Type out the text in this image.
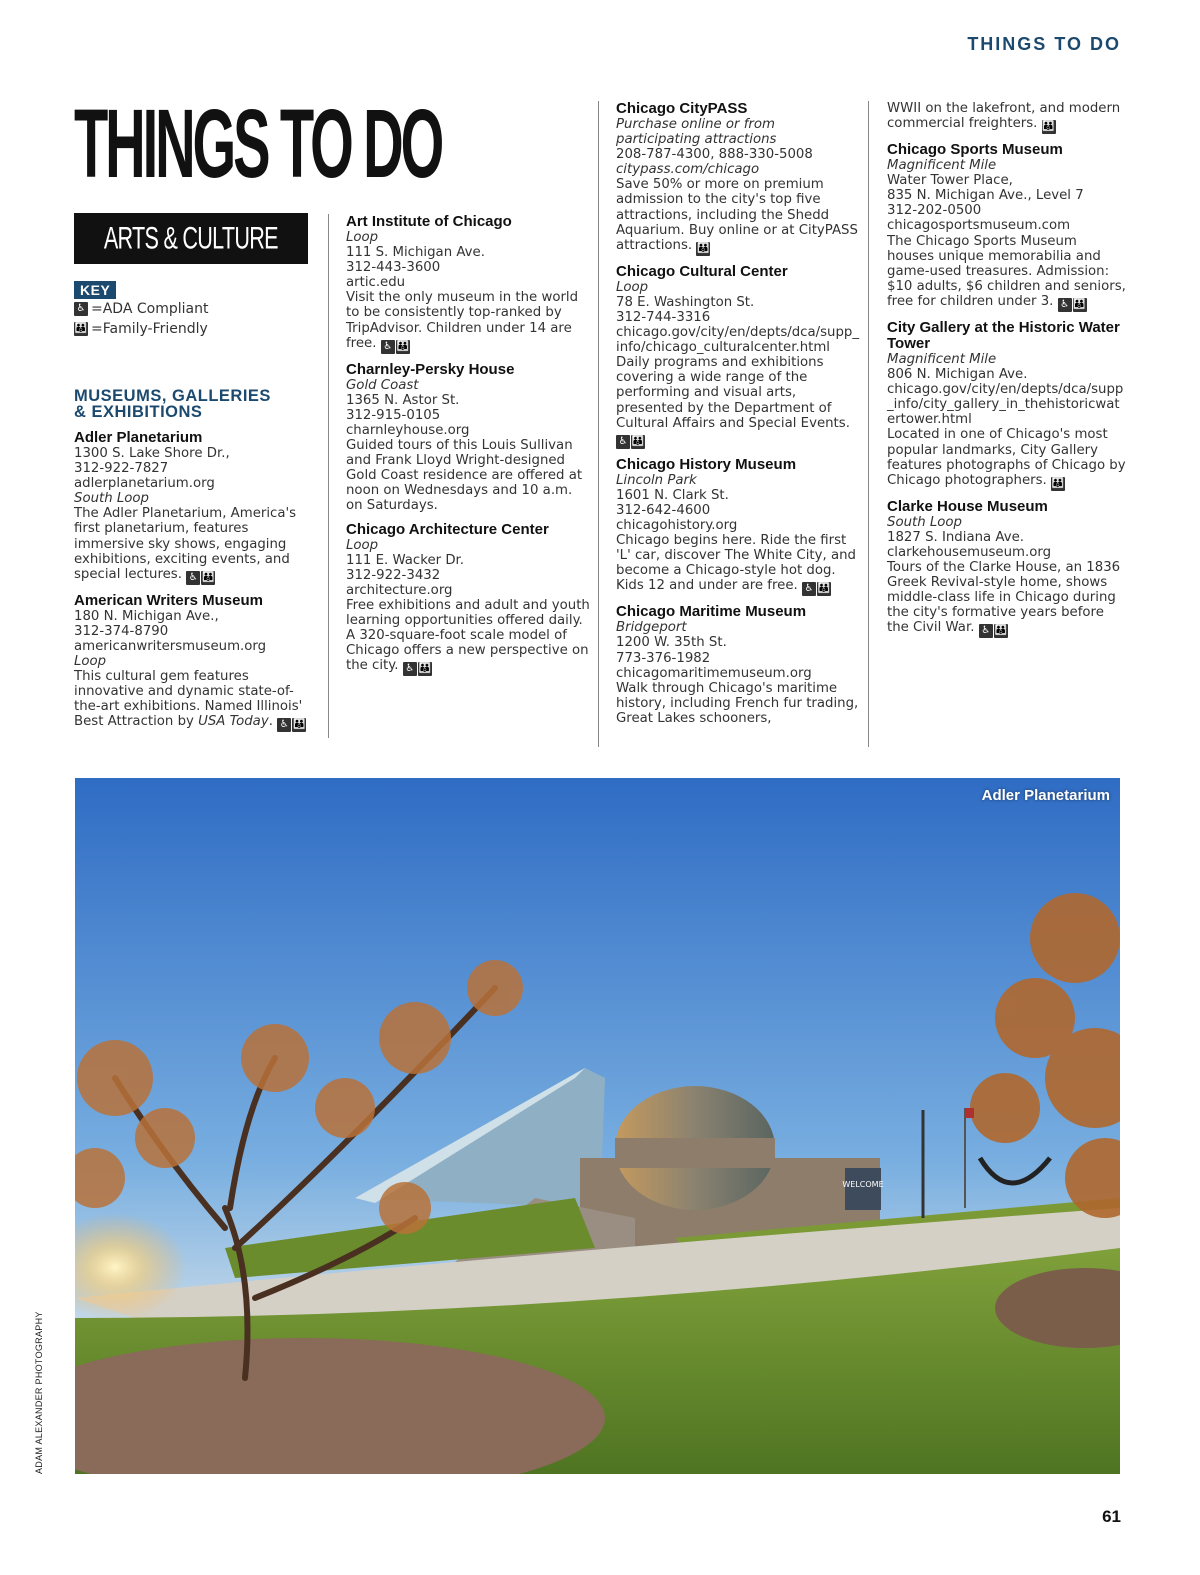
THINGS TO DO
THINGS TO DO
ARTS & CULTURE
KEY
♿ =ADA Compliant
👪 =Family-Friendly
MUSEUMS, GALLERIES
& EXHIBITIONS
Adler Planetarium
1300 S. Lake Shore Dr.,
312-922-7827
adlerplanetarium.org
South Loop
The Adler Planetarium, America's first planetarium, features immersive sky shows, engaging exhibitions, exciting events, and special lectures. ♿ 👪
American Writers Museum
180 N. Michigan Ave.,
312-374-8790
americanwritersmuseum.org
Loop
This cultural gem features innovative and dynamic state-of-the-art exhibitions. Named Illinois' Best Attraction by USA Today. ♿ 👪
Art Institute of Chicago
Loop
111 S. Michigan Ave.
312-443-3600
artic.edu
Visit the only museum in the world to be consistently top-ranked by TripAdvisor. Children under 14 are free. ♿ 👪
Charnley-Persky House
Gold Coast
1365 N. Astor St.
312-915-0105
charnleyhouse.org
Guided tours of this Louis Sullivan and Frank Lloyd Wright-designed Gold Coast residence are offered at noon on Wednesdays and 10 a.m. on Saturdays.
Chicago Architecture Center
Loop
111 E. Wacker Dr.
312-922-3432
architecture.org
Free exhibitions and adult and youth learning opportunities offered daily. A 320-square-foot scale model of Chicago offers a new perspective on the city. ♿ 👪
Chicago CityPASS
Purchase online or from participating attractions
208-787-4300, 888-330-5008
citypass.com/chicago
Save 50% or more on premium admission to the city's top five attractions, including the Shedd Aquarium. Buy online or at CityPASS attractions. 👪
Chicago Cultural Center
Loop
78 E. Washington St.
312-744-3316
chicago.gov/city/en/depts/dca/supp_info/chicago_culturalcenter.html
Daily programs and exhibitions covering a wide range of the performing and visual arts, presented by the Department of Cultural Affairs and Special Events. ♿ 👪
Chicago History Museum
Lincoln Park
1601 N. Clark St.
312-642-4600
chicagohistory.org
Chicago begins here. Ride the first 'L' car, discover The White City, and become a Chicago-style hot dog. Kids 12 and under are free. ♿ 👪
Chicago Maritime Museum
Bridgeport
1200 W. 35th St.
773-376-1982
chicagomaritimemuseum.org
Walk through Chicago's maritime history, including French fur trading, Great Lakes schooners,
WWII on the lakefront, and modern commercial freighters. 👪
Chicago Sports Museum
Magnificent Mile
Water Tower Place,
835 N. Michigan Ave., Level 7
312-202-0500
chicagosportsmuseum.com
The Chicago Sports Museum houses unique memorabilia and game-used treasures. Admission: $10 adults, $6 children and seniors, free for children under 3. ♿ 👪
City Gallery at the Historic Water Tower
Magnificent Mile
806 N. Michigan Ave.
chicago.gov/city/en/depts/dca/supp_info/city_gallery_in_thehistoricwatertower.html
Located in one of Chicago's most popular landmarks, City Gallery features photographs of Chicago by Chicago photographers. 👪
Clarke House Museum
South Loop
1827 S. Indiana Ave.
clarkehousemuseum.org
Tours of the Clarke House, an 1836 Greek Revival-style home, shows middle-class life in Chicago during the city's formative years before the Civil War. ♿ 👪
WELCOME
Adler Planetarium
ADAM ALEXANDER PHOTOGRAPHY
61
